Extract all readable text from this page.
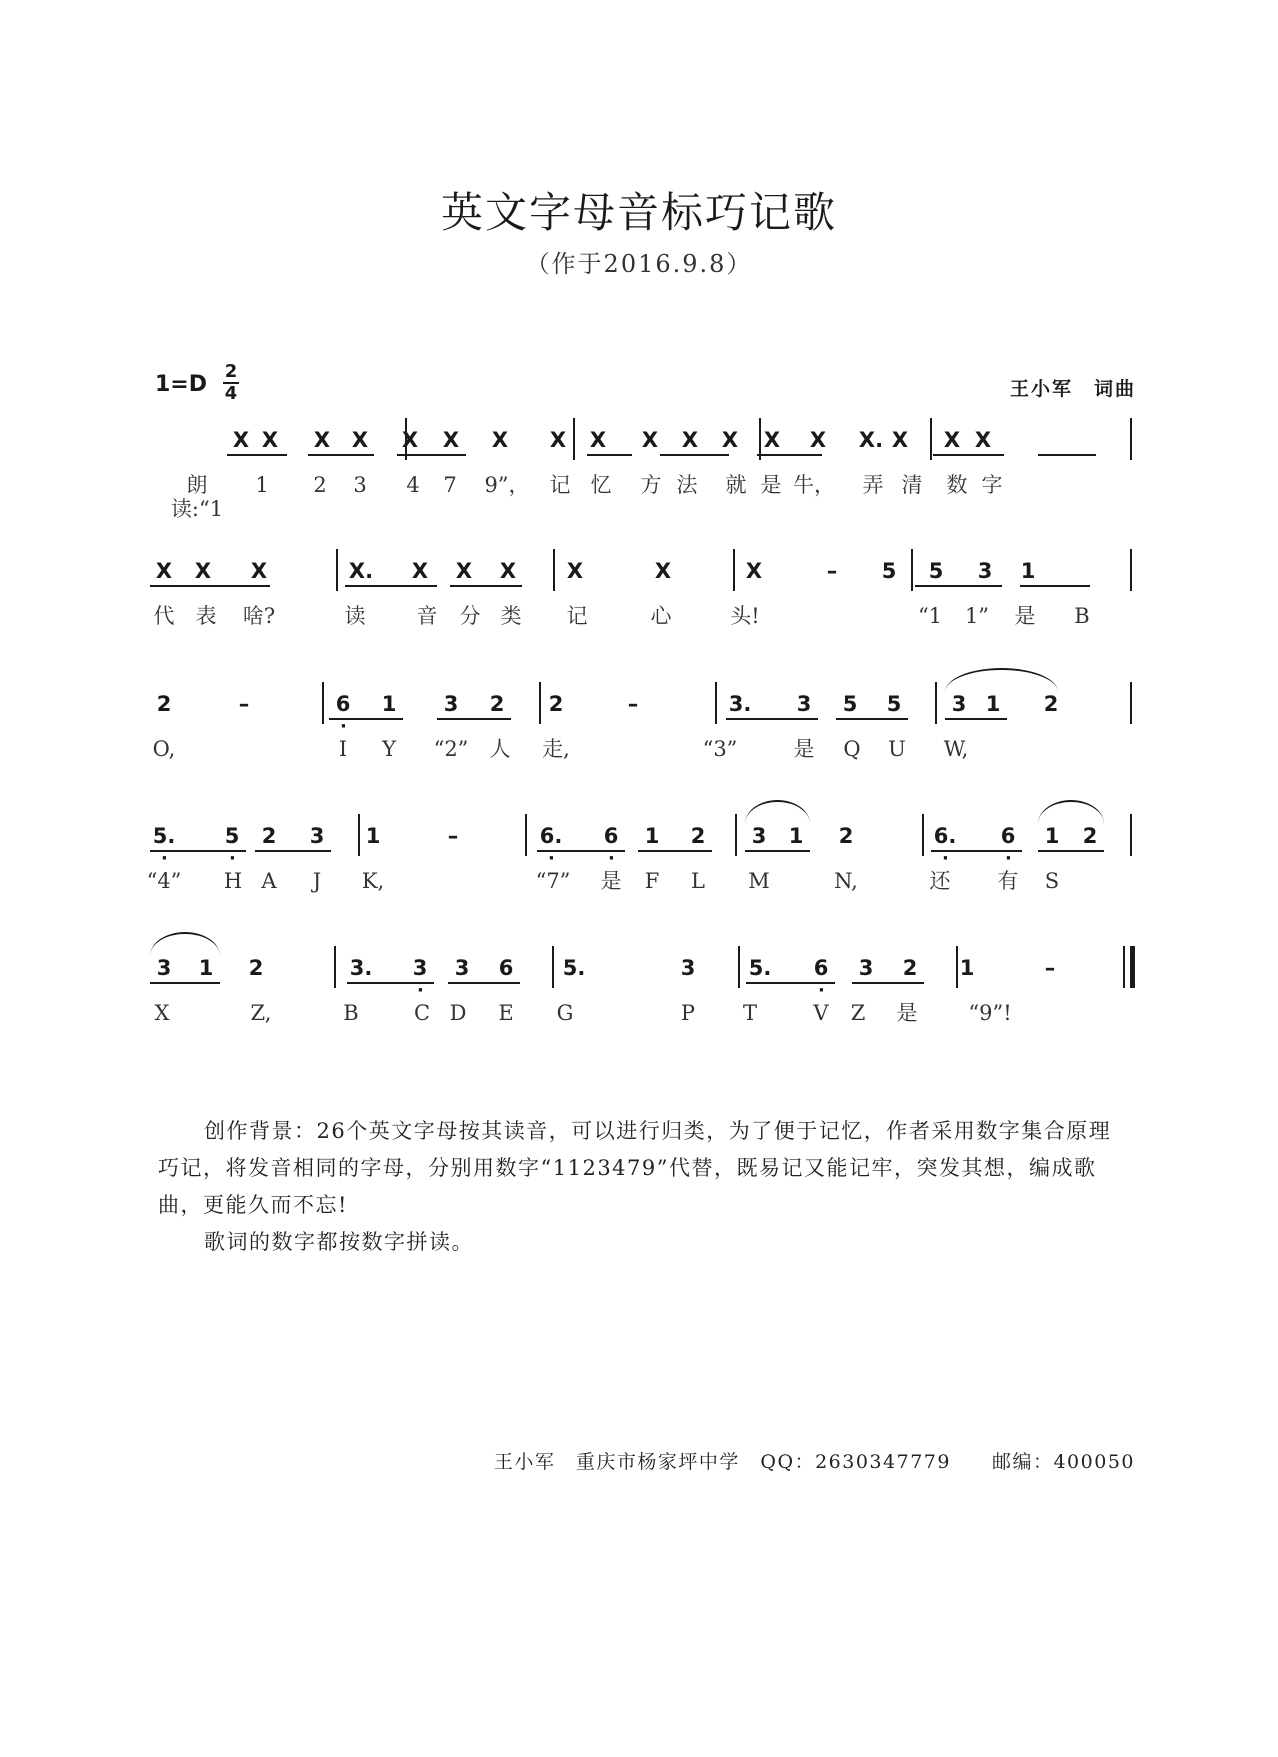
英文字母音标巧记歌
（作于2016.9.8）
1=D
2
4	王小军　词曲
X X	X	X	X	X	X	X	X	X	X	X	X	X	X. X	X X
朗读:“1
1	2	3	4	7	9”， 记 忆	方 法	就 是 牛，	弄 清	数 字
X	X	X	X.	X	X	X	X	X	X	–	5	5	3	1
代	表	啥?	读	音	分 类	记	心	头!	“1	1”	是	B
2	–	6	1	3	2	2	–	3.	3	5	5	3 1	2
O,	I	Y	“2”	人	走,	“3”	是	Q	U	W,
·
5.	5	2	3	1	–	6.	6	1	2	3	1	2	6.	6	1	2
“4”	H A	J	K,	“7”	是	F	L	M	N,	还	有	S
·	·	·	·	·	·
3	1	2	3.	3	3	6	5.	3	5.	6	3	2	1	–
X	Z,	B	C D	E	G	P	T	V	Z	是	“9”!
·	·
创作背景：26个英文字母按其读音，可以进行归类，为了便于记忆，作者采用数字集合原理巧记，将发音相同的字母，分别用数字“1123479”代替，既易记又能记牢，突发其想，编成歌曲，更能久而不忘!
歌词的数字都按数字拼读。
王小军　重庆市杨家坪中学　QQ：2630347779　　邮编：400050
